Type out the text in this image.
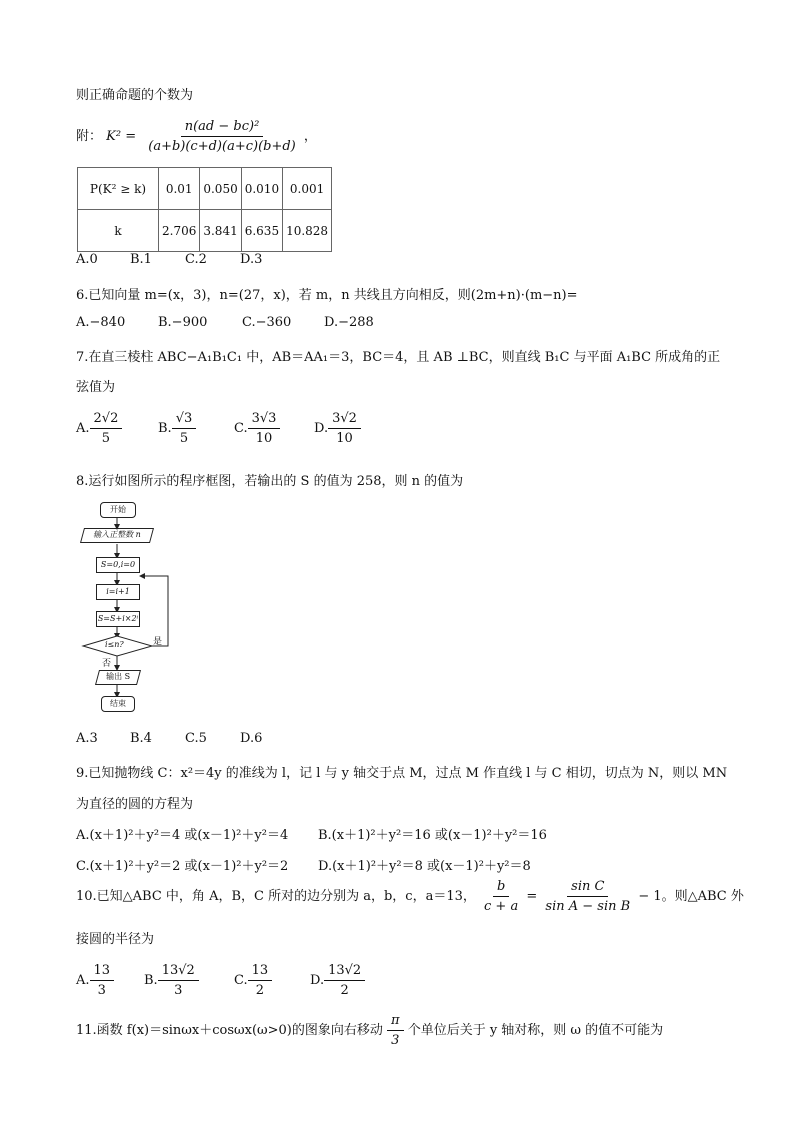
则正确命题的个数为
附： $K^2 = \frac{\text{n(ad − bc)²}}{(a+b)(c+d)(a+c)(b+d)}$ ，
P(K² ≥ k)	0.01	0.050	0.010	0.001
k	2.706	3.841	6.635	10.828
A.0 B.1	C.2	D.3
6.已知向量 m=(x，3)，n=(27，x)，若 m，n 共线且方向相反，则(2m+n)·(m−n)=
A.−840	B.−900	C.−360	D.−288
7.在直三棱柱 ABC−A₁B₁C₁ 中，AB＝AA₁＝3，BC＝4，且 AB ⊥BC，则直线 B₁C 与平面 A₁BC 所成角的正
弦值为
A. $\frac{2√2}{5}$	B. $\frac{√3}{5}$	C. $\frac{3√3}{10}$	D. $\frac{3√2}{10}$
8.运行如图所示的程序框图，若输出的 S 的值为 258，则 n 的值为
开始
输入正整数 n
S=0,i=0
i=i+1
S=S+i×2ⁱ
i≤n?	是
否
输出 S
结束
A.3 B.4	C.5	D.6
9.已知抛物线 C：x²＝4y 的准线为 l，记 l 与 y 轴交于点 M，过点 M 作直线 l 与 C 相切，切点为 N，则以 MN
为直径的圆的方程为
A.(x＋1)²＋y²＝4 或(x－1)²＋y²＝4 B.(x＋1)²＋y²＝16 或(x－1)²＋y²＝16
C.(x＋1)²＋y²＝2 或(x－1)²＋y²＝2 D.(x＋1)²＋y²＝8 或(x－1)²＋y²＝8
10.已知△ABC 中，角 A，B，C 所对的边分别为 a，b，c，a＝13， $\frac{b}{c + a} = \frac{\text{sin C}}{\text{sin A − sin B}} - 1$。则△ABC 外
接圆的半径为
A. $\frac{13}{3} B$. $\frac{13√2}{3}$	C. $\frac{13}{2}$	D. $\frac{13√2}{2}$
11.函数 f(x)＝sinωx＋cosωx(ω>0)的图象向右移动 $\frac{\pi}{3}$ 个单位后关于 y 轴对称，则 ω 的值不可能为
